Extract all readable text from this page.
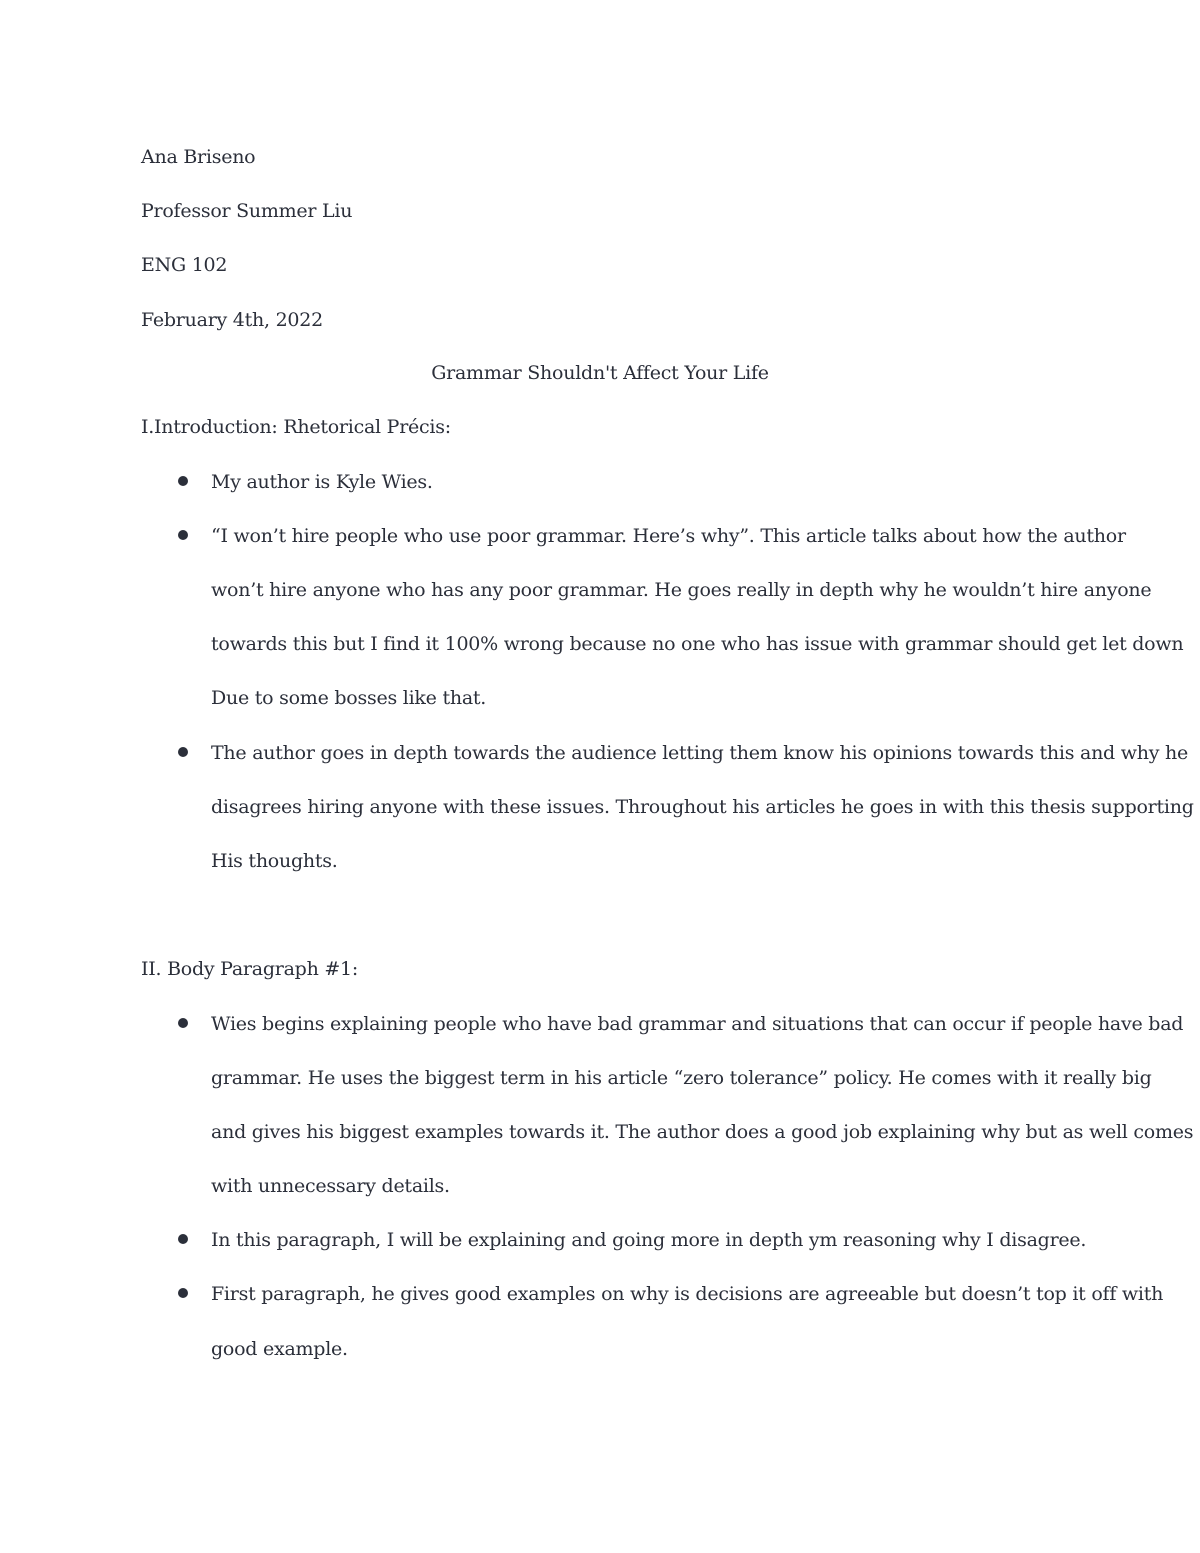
Ana Briseno
Professor Summer Liu
ENG 102
February 4th, 2022
Grammar Shouldn't Affect Your Life
I.Introduction: Rhetorical Précis:
My author is Kyle Wies.
“I won’t hire people who use poor grammar. Here’s why”. This article talks about how the author
won’t hire anyone who has any poor grammar. He goes really in depth why he wouldn’t hire anyone
towards this but I find it 100% wrong because no one who has issue with grammar should get let down
Due to some bosses like that.
The author goes in depth towards the audience letting them know his opinions towards this and why he
disagrees hiring anyone with these issues. Throughout his articles he goes in with this thesis supporting
His thoughts.
II. Body Paragraph #1:
Wies begins explaining people who have bad grammar and situations that can occur if people have bad
grammar. He uses the biggest term in his article “zero tolerance” policy. He comes with it really big
and gives his biggest examples towards it. The author does a good job explaining why but as well comes
with unnecessary details.
In this paragraph, I will be explaining and going more in depth ym reasoning why I disagree.
First paragraph, he gives good examples on why is decisions are agreeable but doesn’t top it off with
good example.
